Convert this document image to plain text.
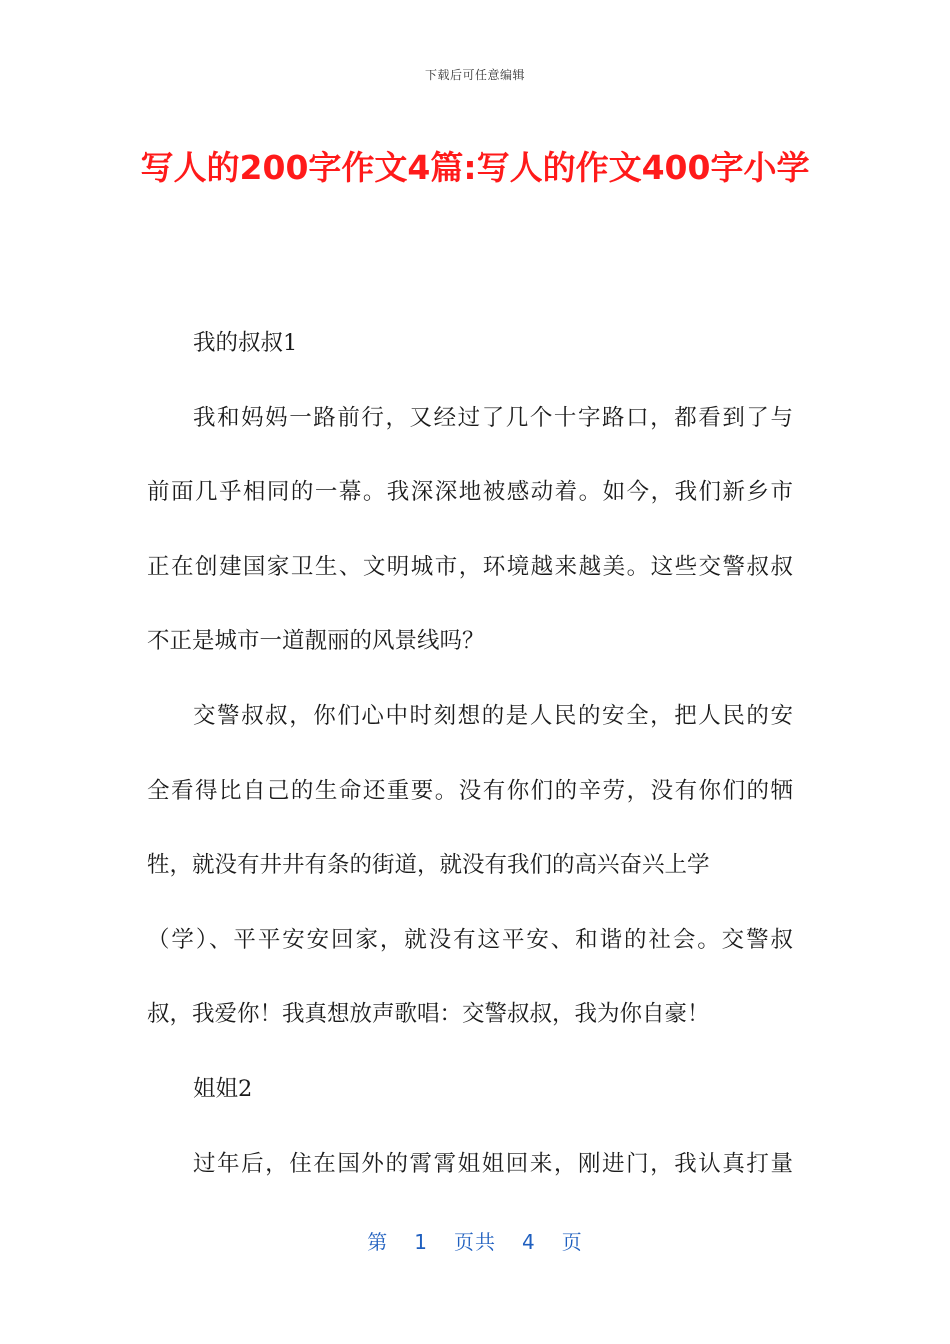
下载后可任意编辑
写人的200字作文4篇:写人的作文400字小学
我的叔叔1
我和妈妈一路前行，又经过了几个十字路口，都看到了与
前面几乎相同的一幕。我深深地被感动着。如今，我们新乡市
正在创建国家卫生、文明城市，环境越来越美。这些交警叔叔
不正是城市一道靓丽的风景线吗？
交警叔叔，你们心中时刻想的是人民的安全，把人民的安
全看得比自己的生命还重要。没有你们的辛劳，没有你们的牺
牲，就没有井井有条的街道，就没有我们的高兴奋兴上学
（学）、平平安安回家，就没有这平安、和谐的社会。交警叔
叔，我爱你！我真想放声歌唱：交警叔叔，我为你自豪！
姐姐2
过年后，住在国外的霄霄姐姐回来，刚进门，我认真打量
第 1 页共 4 页
